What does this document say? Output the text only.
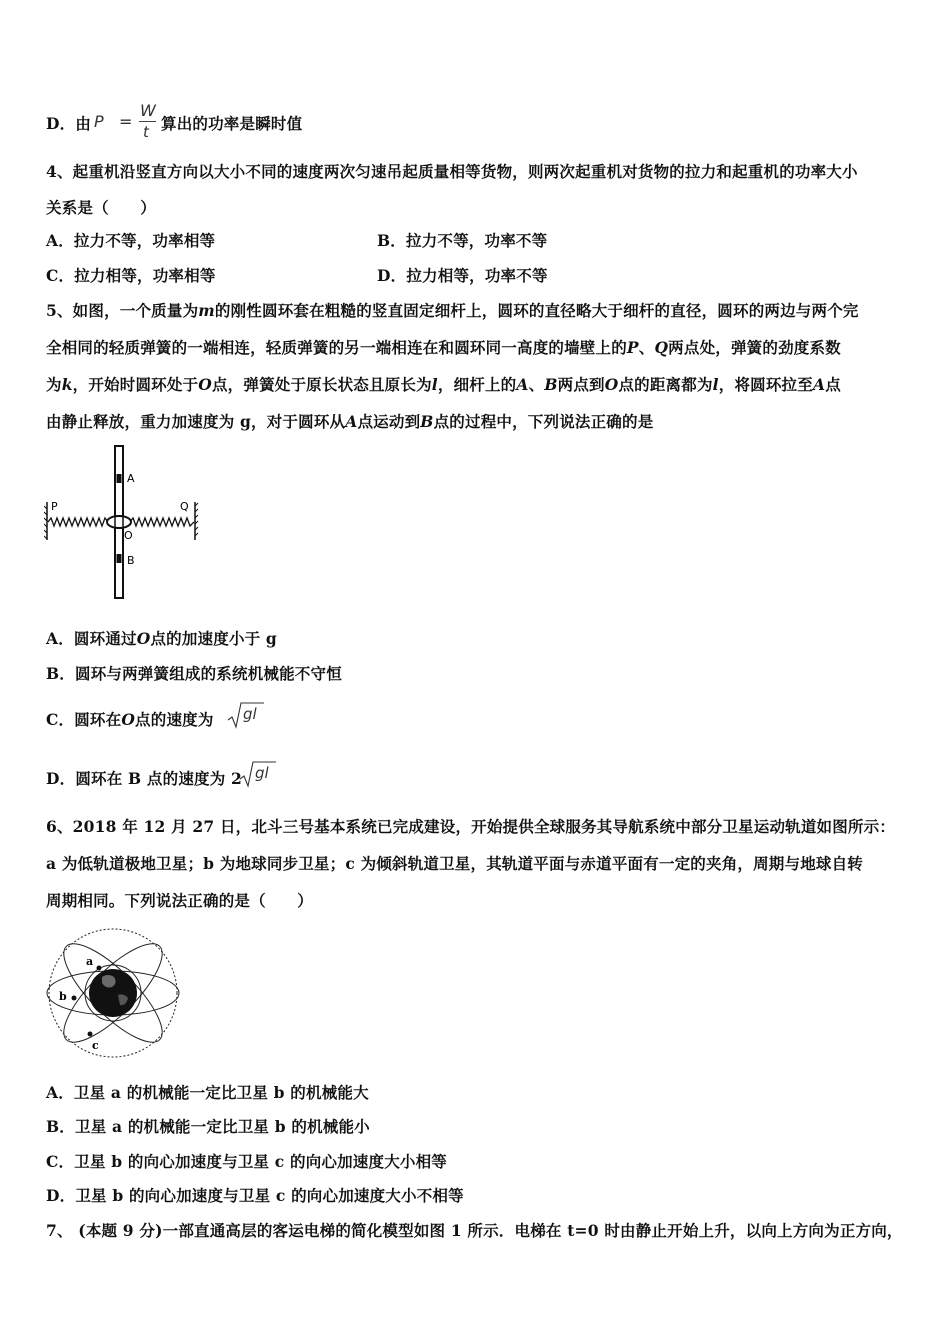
D．由 P =
W
t 算出的功率是瞬时值
4、起重机沿竖直方向以大小不同的速度两次匀速吊起质量相等货物，则两次起重机对货物的拉力和起重机的功率大小
关系是（　　）
A．拉力不等，功率相等	B．拉力不等，功率不等
C．拉力相等，功率相等	D．拉力相等，功率不等
5、如图，一个质量为m的刚性圆环套在粗糙的竖直固定细杆上，圆环的直径略大于细杆的直径，圆环的两边与两个完
全相同的轻质弹簧的一端相连，轻质弹簧的另一端相连在和圆环同一高度的墙壁上的P、Q两点处，弹簧的劲度系数
为k，开始时圆环处于O点，弹簧处于原长状态且原长为l，细杆上的A、B两点到O点的距离都为l，将圆环拉至A点
由静止释放，重力加速度为 g，对于圆环从A点运动到B点的过程中，下列说法正确的是
A
O
B
P	Q
A．圆环通过O点的加速度小于 g
B．圆环与两弹簧组成的系统机械能不守恒
C．圆环在O点的速度为 gl
D．圆环在 B 点的速度为 2 gl
6、2018 年 12 月 27 日，北斗三号基本系统已完成建设，开始提供全球服务其导航系统中部分卫星运动轨道如图所示：
a 为低轨道极地卫星；b 为地球同步卫星；c 为倾斜轨道卫星，其轨道平面与赤道平面有一定的夹角，周期与地球自转
周期相同。下列说法正确的是（　　）
a
b
c
A．卫星 a 的机械能一定比卫星 b 的机械能大
B．卫星 a 的机械能一定比卫星 b 的机械能小
C．卫星 b 的向心加速度与卫星 c 的向心加速度大小相等
D．卫星 b 的向心加速度与卫星 c 的向心加速度大小不相等
7、 (本题 9 分)一部直通高层的客运电梯的简化模型如图 1 所示．电梯在 t=0 时由静止开始上升，以向上方向为正方向，
